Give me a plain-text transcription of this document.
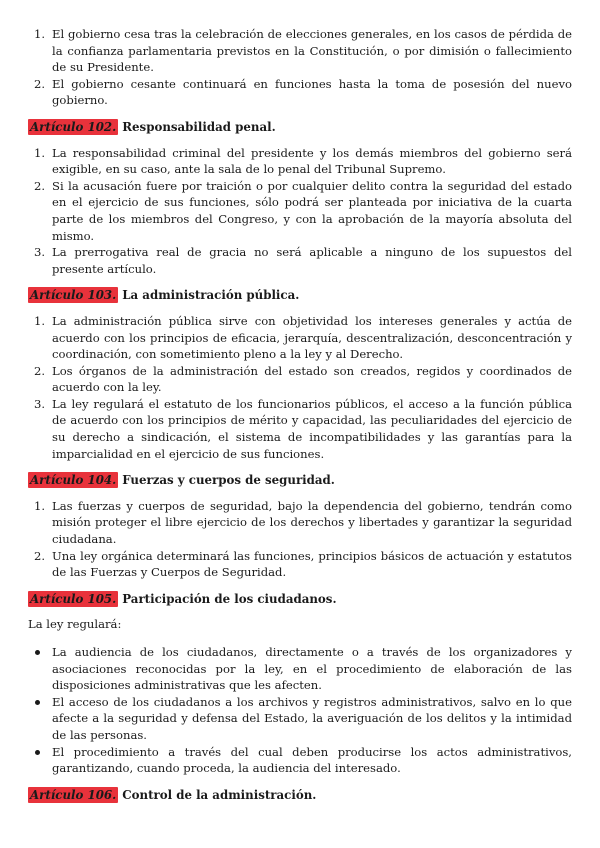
1. El gobierno cesa tras la celebración de elecciones generales, en los casos de pérdida de la confianza parlamentaria previstos en la Constitución, o por dimisión o fallecimiento de su Presidente.
2. El gobierno cesante continuará en funciones hasta la toma de posesión del nuevo gobierno.
Artículo 102. Responsabilidad penal.
1. La responsabilidad criminal del presidente y los demás miembros del gobierno será exigible, en su caso, ante la sala de lo penal del Tribunal Supremo.
2. Si la acusación fuere por traición o por cualquier delito contra la seguridad del estado en el ejercicio de sus funciones, sólo podrá ser planteada por iniciativa de la cuarta parte de los miembros del Congreso, y con la aprobación de la mayoría absoluta del mismo.
3. La prerrogativa real de gracia no será aplicable a ninguno de los supuestos del presente artículo.
Artículo 103. La administración pública.
1. La administración pública sirve con objetividad los intereses generales y actúa de acuerdo con los principios de eficacia, jerarquía, descentralización, desconcentración y coordinación, con sometimiento pleno a la ley y al Derecho.
2. Los órganos de la administración del estado son creados, regidos y coordinados de acuerdo con la ley.
3. La ley regulará el estatuto de los funcionarios públicos, el acceso a la función pública de acuerdo con los principios de mérito y capacidad, las peculiaridades del ejercicio de su derecho a sindicación, el sistema de incompatibilidades y las garantías para la imparcialidad en el ejercicio de sus funciones.
Artículo 104. Fuerzas y cuerpos de seguridad.
1. Las fuerzas y cuerpos de seguridad, bajo la dependencia del gobierno, tendrán como misión proteger el libre ejercicio de los derechos y libertades y garantizar la seguridad ciudadana.
2. Una ley orgánica determinará las funciones, principios básicos de actuación y estatutos de las Fuerzas y Cuerpos de Seguridad.
Artículo 105. Participación de los ciudadanos.

La ley regulará:

La audiencia de los ciudadanos, directamente o a través de los organizadores y asociaciones reconocidas por la ley, en el procedimiento de elaboración de las disposiciones administrativas que les afecten.
El acceso de los ciudadanos a los archivos y registros administrativos, salvo en lo que afecte a la seguridad y defensa del Estado, la averiguación de los delitos y la intimidad de las personas.
El procedimiento a través del cual deben producirse los actos administrativos, garantizando, cuando proceda, la audiencia del interesado.
Artículo 106. Control de la administración.
